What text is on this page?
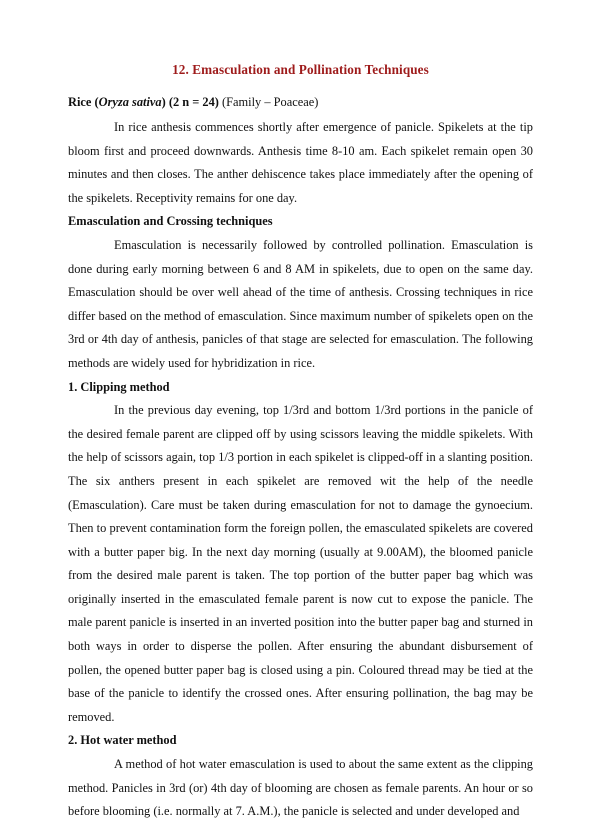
12. Emasculation and Pollination Techniques

Rice (Oryza sativa) (2 n = 24) (Family – Poaceae)

In rice anthesis commences shortly after emergence of panicle. Spikelets at the tip bloom first and proceed downwards. Anthesis time 8-10 am. Each spikelet remain open 30 minutes and then closes. The anther dehiscence takes place immediately after the opening of the spikelets. Receptivity remains for one day.

Emasculation and Crossing techniques

Emasculation is necessarily followed by controlled pollination. Emasculation is done during early morning between 6 and 8 AM in spikelets, due to open on the same day. Emasculation should be over well ahead of the time of anthesis. Crossing techniques in rice differ based on the method of emasculation. Since maximum number of spikelets open on the 3rd or 4th day of anthesis, panicles of that stage are selected for emasculation. The following methods are widely used for hybridization in rice.

1. Clipping method

In the previous day evening, top 1/3rd and bottom 1/3rd portions in the panicle of the desired female parent are clipped off by using scissors leaving the middle spikelets. With the help of scissors again, top 1/3 portion in each spikelet is clipped-off in a slanting position. The six anthers present in each spikelet are removed wit the help of the needle (Emasculation). Care must be taken during emasculation for not to damage the gynoecium. Then to prevent contamination form the foreign pollen, the emasculated spikelets are covered with a butter paper big. In the next day morning (usually at 9.00AM), the bloomed panicle from the desired male parent is taken. The top portion of the butter paper bag which was originally inserted in the emasculated female parent is now cut to expose the panicle. The male parent panicle is inserted in an inverted position into the butter paper bag and sturned in both ways in order to disperse the pollen. After ensuring the abundant disbursement of pollen, the opened butter paper bag is closed using a pin. Coloured thread may be tied at the base of the panicle to identify the crossed ones. After ensuring pollination, the bag may be removed.

2. Hot water method

A method of hot water emasculation is used to about the same extent as the clipping method. Panicles in 3rd (or) 4th day of blooming are chosen as female parents. An hour or so before blooming (i.e. normally at 7. A.M.), the panicle is selected and under developed and
